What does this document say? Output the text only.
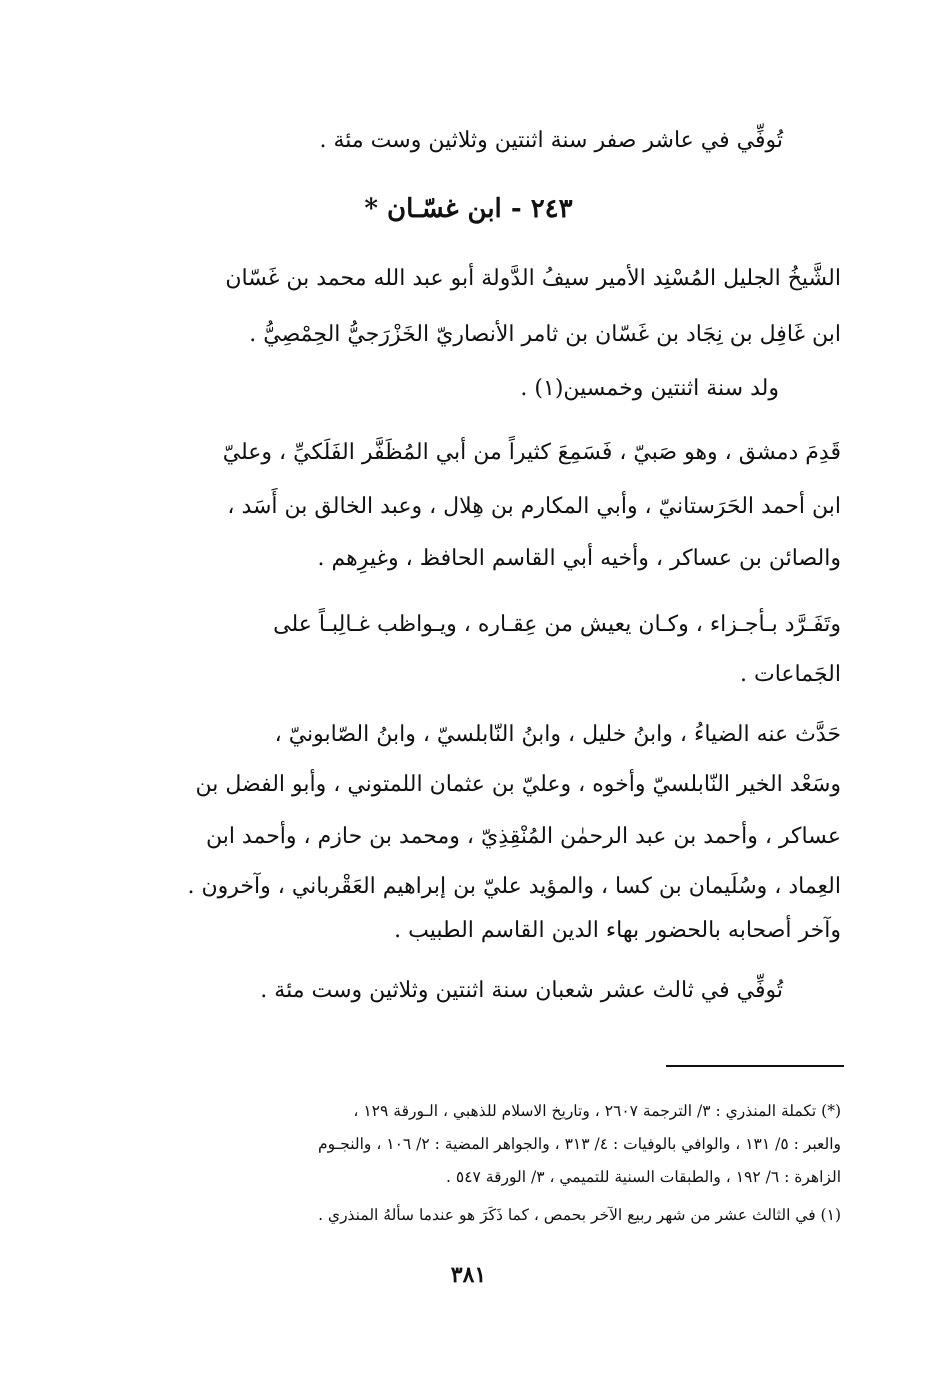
تُوفِّي في عاشر صفر سنة اثنتين وثلاثين وست مئة .

٢٤٣ - ابن غسّـان *

الشَّيخُ الجليل المُسْنِد الأمير سيفُ الدَّولة أبو عبد الله محمد بن غَسّان

ابن غَافِل بن نِجَاد بن غَسّان بن ثامر الأنصاريّ الخَزْرَجيُّ الحِمْصِيُّ .

ولد سنة اثنتين وخمسين(١) .

قَدِمَ دمشق ، وهو صَبيّ ، فَسَمِعَ كثيراً من أبي المُظَفَّر الفَلَكيِّ ، وعليّ

ابن أحمد الحَرَستانيّ ، وأبي المكارم بن هِلال ، وعبد الخالق بن أَسَد ،

والصائن بن عساكر ، وأخيه أبي القاسم الحافظ ، وغيرِهم .

وتَفَـرَّد بـأجـزاء ، وكـان يعيش من عِقـاره ، ويـواظب غـالِبـاً على

الجَماعات .

حَدَّث عنه الضياءُ ، وابنُ خليل ، وابنُ النّابلسيّ ، وابنُ الصّابونيّ ،

وسَعْد الخير النّابلسيّ وأخوه ، وعليّ بن عثمان اللمتوني ، وأبو الفضل بن

عساكر ، وأحمد بن عبد الرحمٰن المُنْقِذِيّ ، ومحمد بن حازم ، وأحمد ابن

العِماد ، وسُلَيمان بن كسا ، والمؤيد عليّ بن إبراهيم العَقْرباني ، وآخرون .

وآخر أصحابه بالحضور بهاء الدين القاسم الطبيب .

تُوفِّي في ثالث عشر شعبان سنة اثنتين وثلاثين وست مئة .

(*) تكملة المنذري : ٣/ الترجمة ٢٦٠٧ ، وتاريخ الاسلام للذهبي ، الـورقة ١٢٩ ،

والعبر : ٥/ ١٣١ ، والوافي بالوفيات : ٤/ ٣١٣ ، والجواهر المضية : ٢/ ١٠٦ ، والنجـوم

الزاهرة : ٦/ ١٩٢ ، والطبقات السنية للتميمي ، ٣/ الورقة ٥٤٧ .

(١) في الثالث عشر من شهر ربيع الآخر بحمص ، كما ذَكَرَ هو عندما سألهُ المنذري .

٣٨١
